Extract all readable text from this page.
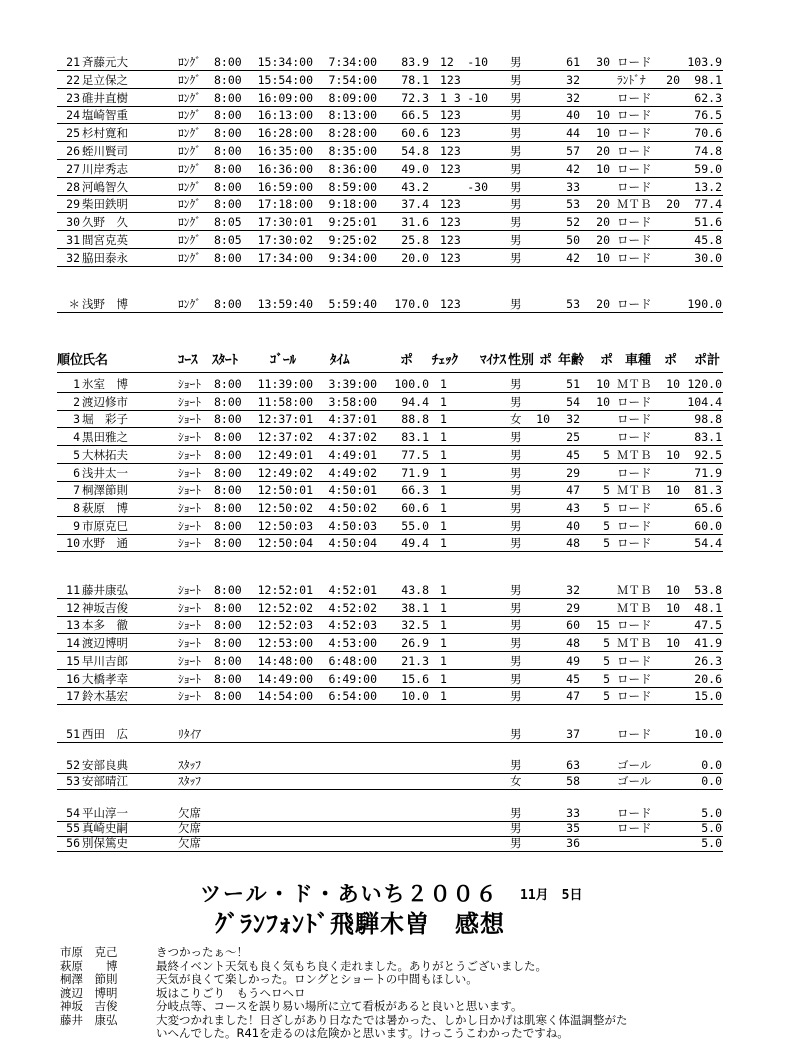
21 斉藤元大	ﾛﾝｸﾞ 8:00 15:34:00 7:34:00 83.9 12 -10 男	61 30 ロード	103.9
22 足立保之	ﾛﾝｸﾞ 8:00 15:54:00 7:54:00 78.1 123	男	32	ﾗﾝﾄﾞﾅ 20 98.1
23 碓井直樹	ﾛﾝｸﾞ 8:00 16:09:00 8:09:00 72.3 1 3 -10 男	32	ロード	62.3
24 塩崎智重	ﾛﾝｸﾞ 8:00 16:13:00 8:13:00 66.5 123	男	40 10 ロード	76.5
25 杉村寛和	ﾛﾝｸﾞ 8:00 16:28:00 8:28:00 60.6 123	男	44 10 ロード	70.6
26 蛭川賢司	ﾛﾝｸﾞ 8:00 16:35:00 8:35:00 54.8 123	男	57 20 ロード	74.8
27 川岸秀志	ﾛﾝｸﾞ 8:00 16:36:00 8:36:00 49.0 123	男	42 10 ロード	59.0
28 河嶋智久	ﾛﾝｸﾞ 8:00 16:59:00 8:59:00 43.2	-30 男	33	ロード	13.2
29 柴田鉄明	ﾛﾝｸﾞ 8:00 17:18:00 9:18:00 37.4 123	男	53 20 ＭＴＢ 20 77.4
30 久野　久	ﾛﾝｸﾞ 8:05 17:30:01 9:25:01 31.6 123	男	52 20 ロード	51.6
31 間宮克英	ﾛﾝｸﾞ 8:05 17:30:02 9:25:02 25.8 123	男	50 20 ロード	45.8
32 脇田泰永	ﾛﾝｸﾞ 8:00 17:34:00 9:34:00 20.0 123	男	42 10 ロード	30.0
＊ 浅野　博	ﾛﾝｸﾞ 8:00 13:59:40 5:59:40 170.0 123	男	53 20 ロード	190.0
順位
氏名	ｺｰｽ ｽﾀｰﾄ ｺﾞｰﾙ	ﾀｲﾑ	ポ ﾁｪｯｸ ﾏｲﾅｽ 性別 ポ 年齢 ポ 車種 ポ ポ計
1 氷室　博	ｼｮｰﾄ 8:00 11:39:00 3:39:00 100.0 1	男	51 10 ＭＴＢ 10 120.0
2 渡辺修市	ｼｮｰﾄ 8:00 11:58:00 3:58:00 94.4 1	男	54 10 ロード	104.4
3 堀　彩子	ｼｮｰﾄ 8:00 12:37:01 4:37:01 88.8 1	女 10 32	ロード	98.8
4 黒田雅之	ｼｮｰﾄ 8:00 12:37:02 4:37:02 83.1 1	男	25	ロード	83.1
5 大林拓夫	ｼｮｰﾄ 8:00 12:49:01 4:49:01 77.5 1	男	45 5 ＭＴＢ 10 92.5
6 浅井太一	ｼｮｰﾄ 8:00 12:49:02 4:49:02 71.9 1	男	29	ロード	71.9
7 桐澤節則	ｼｮｰﾄ 8:00 12:50:01 4:50:01 66.3 1	男	47 5 ＭＴＢ 10 81.3
8 萩原　博	ｼｮｰﾄ 8:00 12:50:02 4:50:02 60.6 1	男	43 5 ロード	65.6
9 市原克巳	ｼｮｰﾄ 8:00 12:50:03 4:50:03 55.0 1	男	40 5 ロード	60.0
10 水野　通	ｼｮｰﾄ 8:00 12:50:04 4:50:04 49.4 1	男	48 5 ロード	54.4
11 藤井康弘	ｼｮｰﾄ 8:00 12:52:01 4:52:01 43.8 1	男	32	ＭＴＢ 10 53.8
12 神坂吉俊	ｼｮｰﾄ 8:00 12:52:02 4:52:02 38.1 1	男	29	ＭＴＢ 10 48.1
13 本多　徹	ｼｮｰﾄ 8:00 12:52:03 4:52:03 32.5 1	男	60 15 ロード	47.5
14 渡辺博明	ｼｮｰﾄ 8:00 12:53:00 4:53:00 26.9 1	男	48 5 ＭＴＢ 10 41.9
15 早川吉郎	ｼｮｰﾄ 8:00 14:48:00 6:48:00 21.3 1	男	49 5 ロード	26.3
16 大橋孝幸	ｼｮｰﾄ 8:00 14:49:00 6:49:00 15.6 1	男	45 5 ロード	20.6
17 鈴木基宏	ｼｮｰﾄ 8:00 14:54:00 6:54:00 10.0 1	男	47 5 ロード	15.0
51 西田　広	ﾘﾀｲｱ	男	37	ロード	10.0
52 安部良典	ｽﾀｯﾌ	男	63	ゴール	0.0
53 安部晴江	ｽﾀｯﾌ	女	58	ゴール	0.0
54 平山淳一	欠席	男	33	ロード	5.0
55 真崎史嗣	欠席	男	35	ロード	5.0
56 別保篤史	欠席	男	36	5.0
ツール・ド・あいち２００６ 11月　5日
ｸﾞﾗﾝﾌｫﾝﾄﾞ飛騨木曽　感想
市原　克己	きつかったぁ～！
萩原　　博	最終イベント天気も良く気もち良く走れました。ありがとうございました。
桐澤　節則	天気が良くて楽しかった。ロングとショートの中間もほしい。
渡辺　博明	坂はこりごり　もうヘロヘロ
神坂　吉俊	分岐点等、コースを誤り易い場所に立て看板があると良いと思います。
藤井　康弘	大変つかれました！日ざしがあり日なたでは暑かった、しかし日かげは肌寒く体温調整がた
いへんでした。R41を走るのは危険かと思います。けっこうこわかったですね。
